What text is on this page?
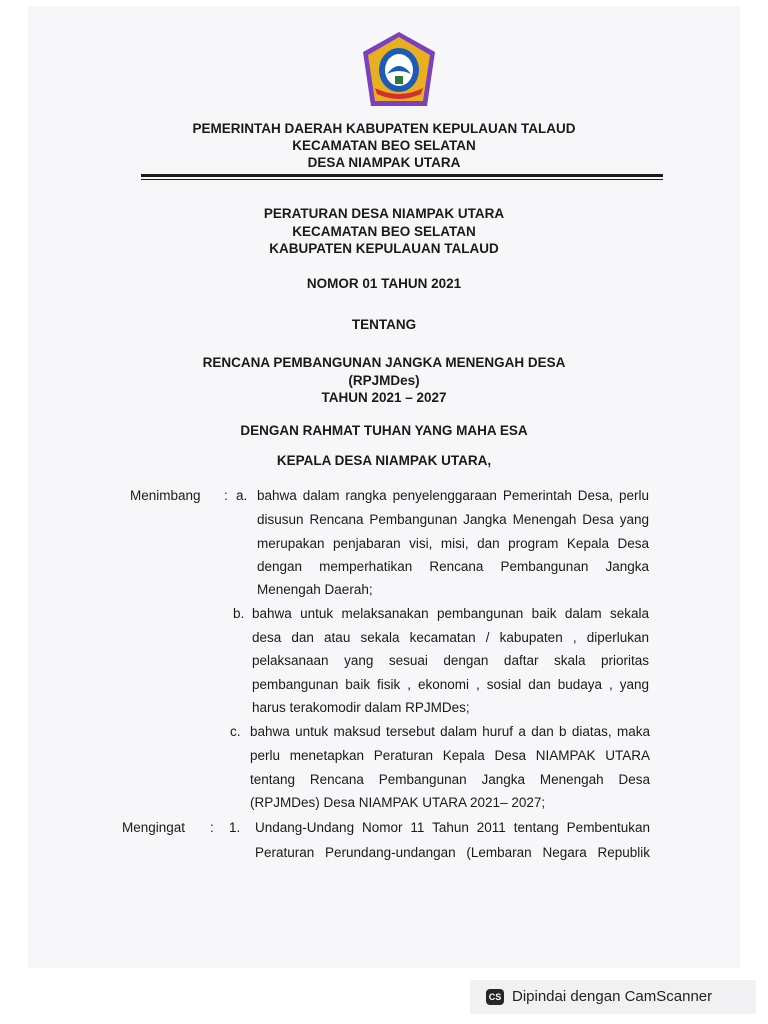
PEMERINTAH DAERAH KABUPATEN KEPULAUAN TALAUD
KECAMATAN BEO SELATAN
DESA NIAMPAK UTARA
PERATURAN DESA NIAMPAK UTARA
KECAMATAN BEO SELATAN
KABUPATEN KEPULAUAN TALAUD
NOMOR 01 TAHUN 2021
TENTANG
RENCANA PEMBANGUNAN JANGKA MENENGAH DESA
(RPJMDes)
TAHUN 2021 – 2027
DENGAN RAHMAT TUHAN YANG MAHA ESA
KEPALA DESA NIAMPAK UTARA,
Menimbang : a. bahwa dalam rangka penyelenggaraan Pemerintah Desa, perlu
disusun Rencana Pembangunan Jangka Menengah Desa yang
merupakan penjabaran visi, misi, dan program Kepala Desa
dengan memperhatikan Rencana Pembangunan Jangka
Menengah Daerah;
b. bahwa untuk melaksanakan pembangunan baik dalam sekala
desa dan atau sekala kecamatan / kabupaten , diperlukan
pelaksanaan yang sesuai dengan daftar skala prioritas
pembangunan baik fisik , ekonomi , sosial dan budaya , yang
harus terakomodir dalam RPJMDes;
c. bahwa untuk maksud tersebut dalam huruf a dan b diatas, maka
perlu menetapkan Peraturan Kepala Desa NIAMPAK UTARA
tentang Rencana Pembangunan Jangka Menengah Desa
(RPJMDes) Desa NIAMPAK UTARA 2021– 2027;
Mengingat : 1. Undang-Undang Nomor 11 Tahun 2011 tentang Pembentukan
Peraturan Perundang-undangan (Lembaran Negara Republik
CS Dipindai dengan CamScanner
